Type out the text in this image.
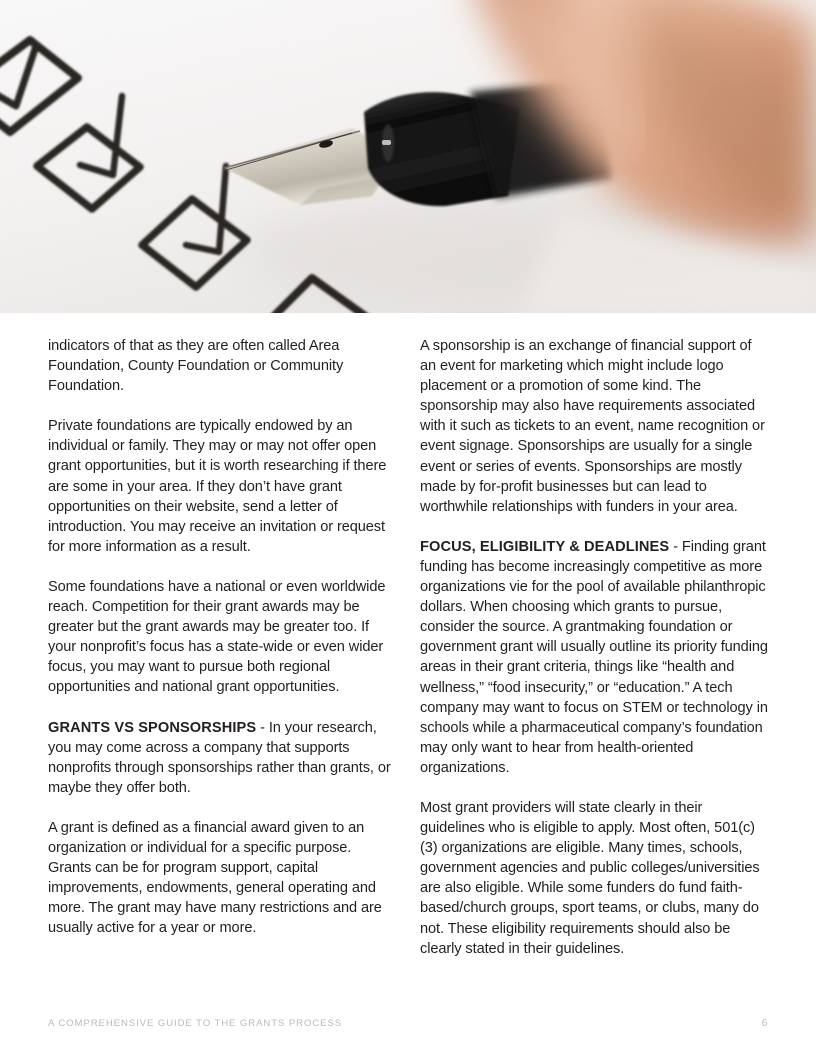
indicators of that as they are often called Area Foundation, County Foundation or Community Foundation.

Private foundations are typically endowed by an individual or family. They may or may not offer open grant opportunities, but it is worth researching if there are some in your area. If they don’t have grant opportunities on their website, send a letter of introduction. You may receive an invitation or request for more information as a result.

Some foundations have a national or even worldwide reach. Competition for their grant awards may be greater but the grant awards may be greater too. If your nonprofit’s focus has a state-wide or even wider focus, you may want to pursue both regional opportunities and national grant opportunities.

GRANTS VS SPONSORSHIPS - In your research, you may come across a company that supports nonprofits through sponsorships rather than grants, or maybe they offer both.

A grant is defined as a financial award given to an organization or individual for a specific purpose. Grants can be for program support, capital improvements, endowments, general operating and more. The grant may have many restrictions and are usually active for a year or more.

A sponsorship is an exchange of financial support of an event for marketing which might include logo placement or a promotion of some kind. The sponsorship may also have requirements associated with it such as tickets to an event, name recognition or event signage. Sponsorships are usually for a single event or series of events. Sponsorships are mostly made by for-profit businesses but can lead to worthwhile relationships with funders in your area.

FOCUS, ELIGIBILITY & DEADLINES - Finding grant funding has become increasingly competitive as more organizations vie for the pool of available philanthropic dollars. When choosing which grants to pursue, consider the source. A grantmaking foundation or government grant will usually outline its priority funding areas in their grant criteria, things like “health and wellness,” “food insecurity,” or “education.” A tech company may want to focus on STEM or technology in schools while a pharmaceutical company’s foundation may only want to hear from health-oriented organizations.

Most grant providers will state clearly in their guidelines who is eligible to apply. Most often, 501(c)(3) organizations are eligible. Many times, schools, government agencies and public colleges/universities are also eligible. While some funders do fund faith-based/church groups, sport teams, or clubs, many do not. These eligibility requirements should also be clearly stated in their guidelines.

A COMPREHENSIVE GUIDE TO THE GRANTS PROCESS	6
